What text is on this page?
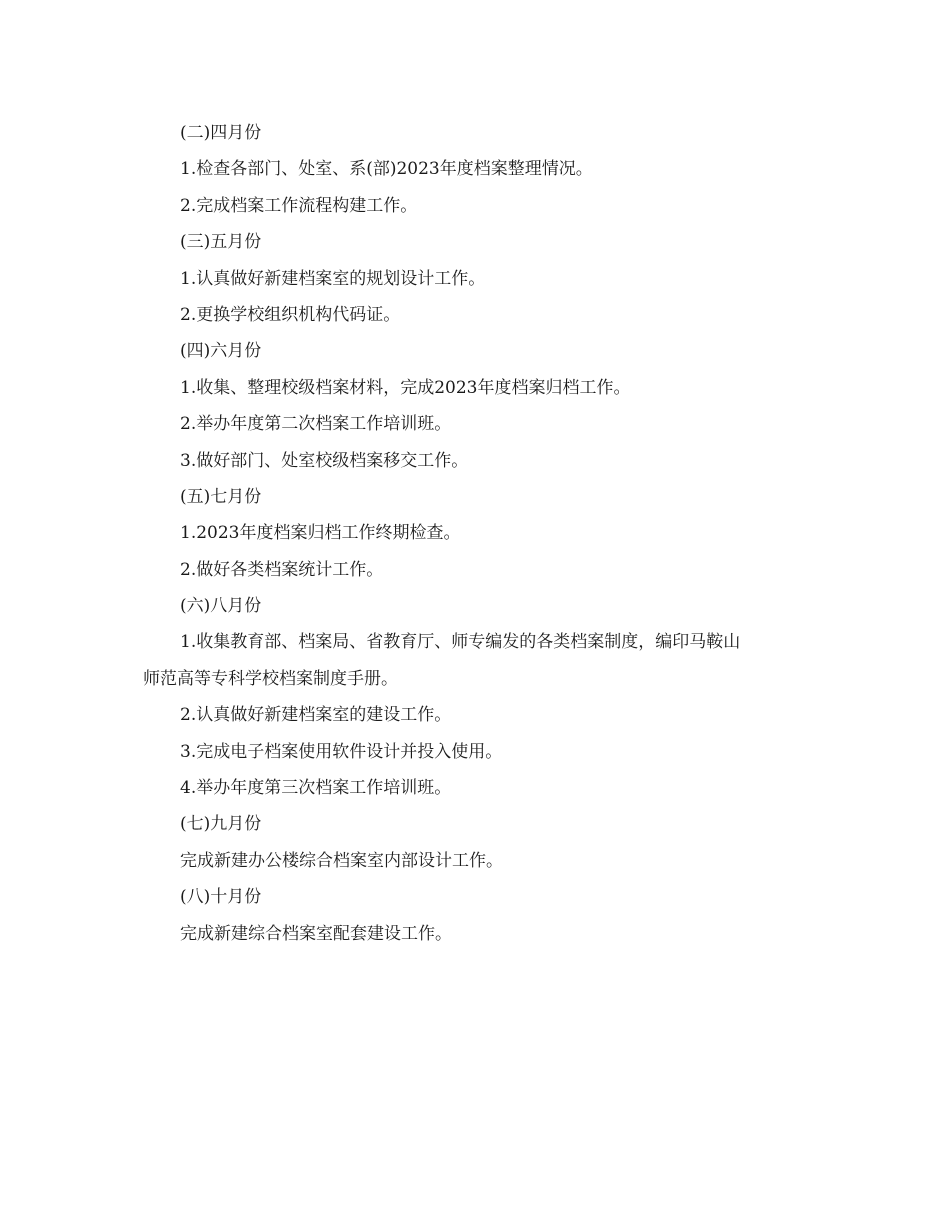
(二)四月份
1.检查各部门、处室、系(部)2023年度档案整理情况。
2.完成档案工作流程构建工作。
(三)五月份
1.认真做好新建档案室的规划设计工作。
2.更换学校组织机构代码证。
(四)六月份
1.收集、整理校级档案材料，完成2023年度档案归档工作。
2.举办年度第二次档案工作培训班。
3.做好部门、处室校级档案移交工作。
(五)七月份
1.2023年度档案归档工作终期检查。
2.做好各类档案统计工作。
(六)八月份
1.收集教育部、档案局、省教育厅、师专编发的各类档案制度，编印马鞍山
师范高等专科学校档案制度手册。
2.认真做好新建档案室的建设工作。
3.完成电子档案使用软件设计并投入使用。
4.举办年度第三次档案工作培训班。
(七)九月份
完成新建办公楼综合档案室内部设计工作。
(八)十月份
完成新建综合档案室配套建设工作。
